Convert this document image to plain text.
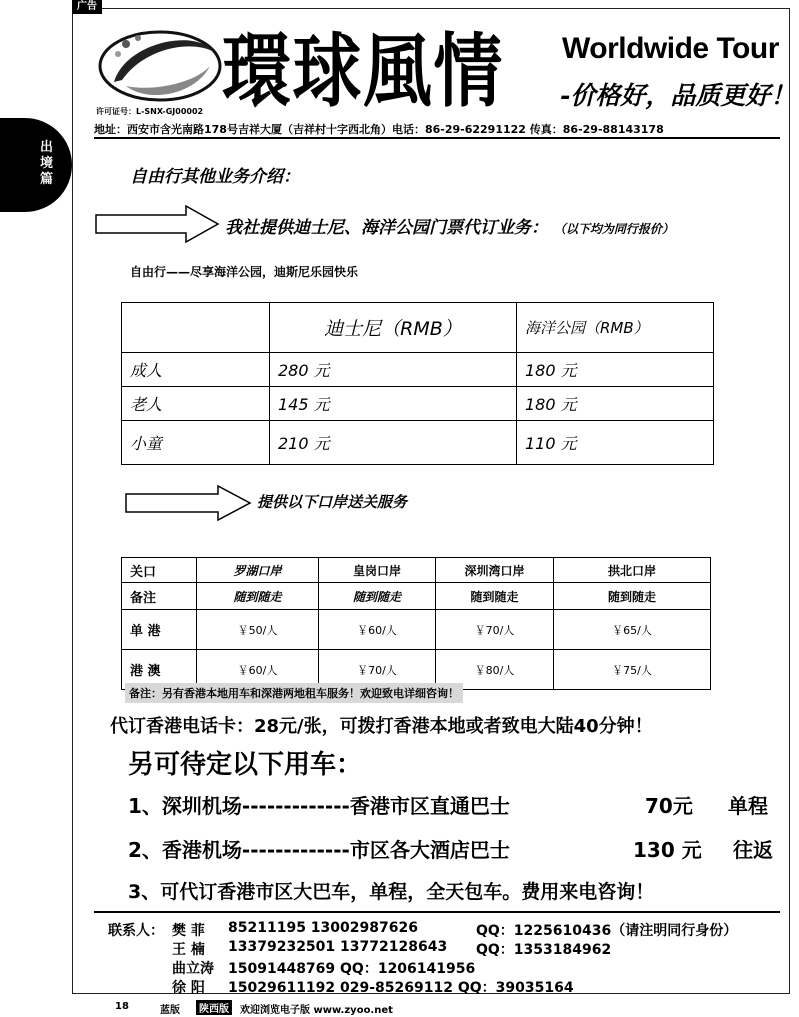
广告
出境篇
環球風情 Worldwide Tour
-价格好，品质更好！
许可证号：L-SNX-GJ00002
地址：西安市含光南路178号吉祥大厦（吉祥村十字西北角）电话：86-29-62291122 传真：86-29-88143178
自由行其他业务介绍：
我社提供迪士尼、海洋公园门票代订业务： （以下均为同行报价）
自由行——尽享海洋公园，迪斯尼乐园快乐
	迪士尼（RMB）	海洋公园（RMB）
成人	280 元	180 元
老人	145 元	180 元
小童	210 元	110 元
提供以下口岸送关服务
关口	罗湖口岸	皇岗口岸	深圳湾口岸	拱北口岸
备注	随到随走	随到随走	随到随走	随到随走
单 港	￥50/人	￥60/人	￥70/人	￥65/人
港 澳	￥60/人	￥70/人	￥80/人	￥75/人
备注：另有香港本地用车和深港两地租车服务！欢迎致电详细咨询！
代订香港电话卡：28元/张，可拨打香港本地或者致电大陆40分钟！
另可待定以下用车：
1、深圳机场-------------香港市区直通巴士	70元 单程
2、香港机场-------------市区各大酒店巴士	130 元 往返
3、可代订香港市区大巴车，单程，全天包车。费用来电咨询！
联系人： 樊 菲 85211195 13002987626	QQ：1225610436（请注明同行身份）
王 楠 13379232501 13772128643 QQ：1353184962
曲立涛 15091448769 QQ：1206141956
徐 阳 15029611192 029-85269112 QQ：39035164
18	蓝版	陕西版	欢迎浏览电子版 www.zyoo.net
